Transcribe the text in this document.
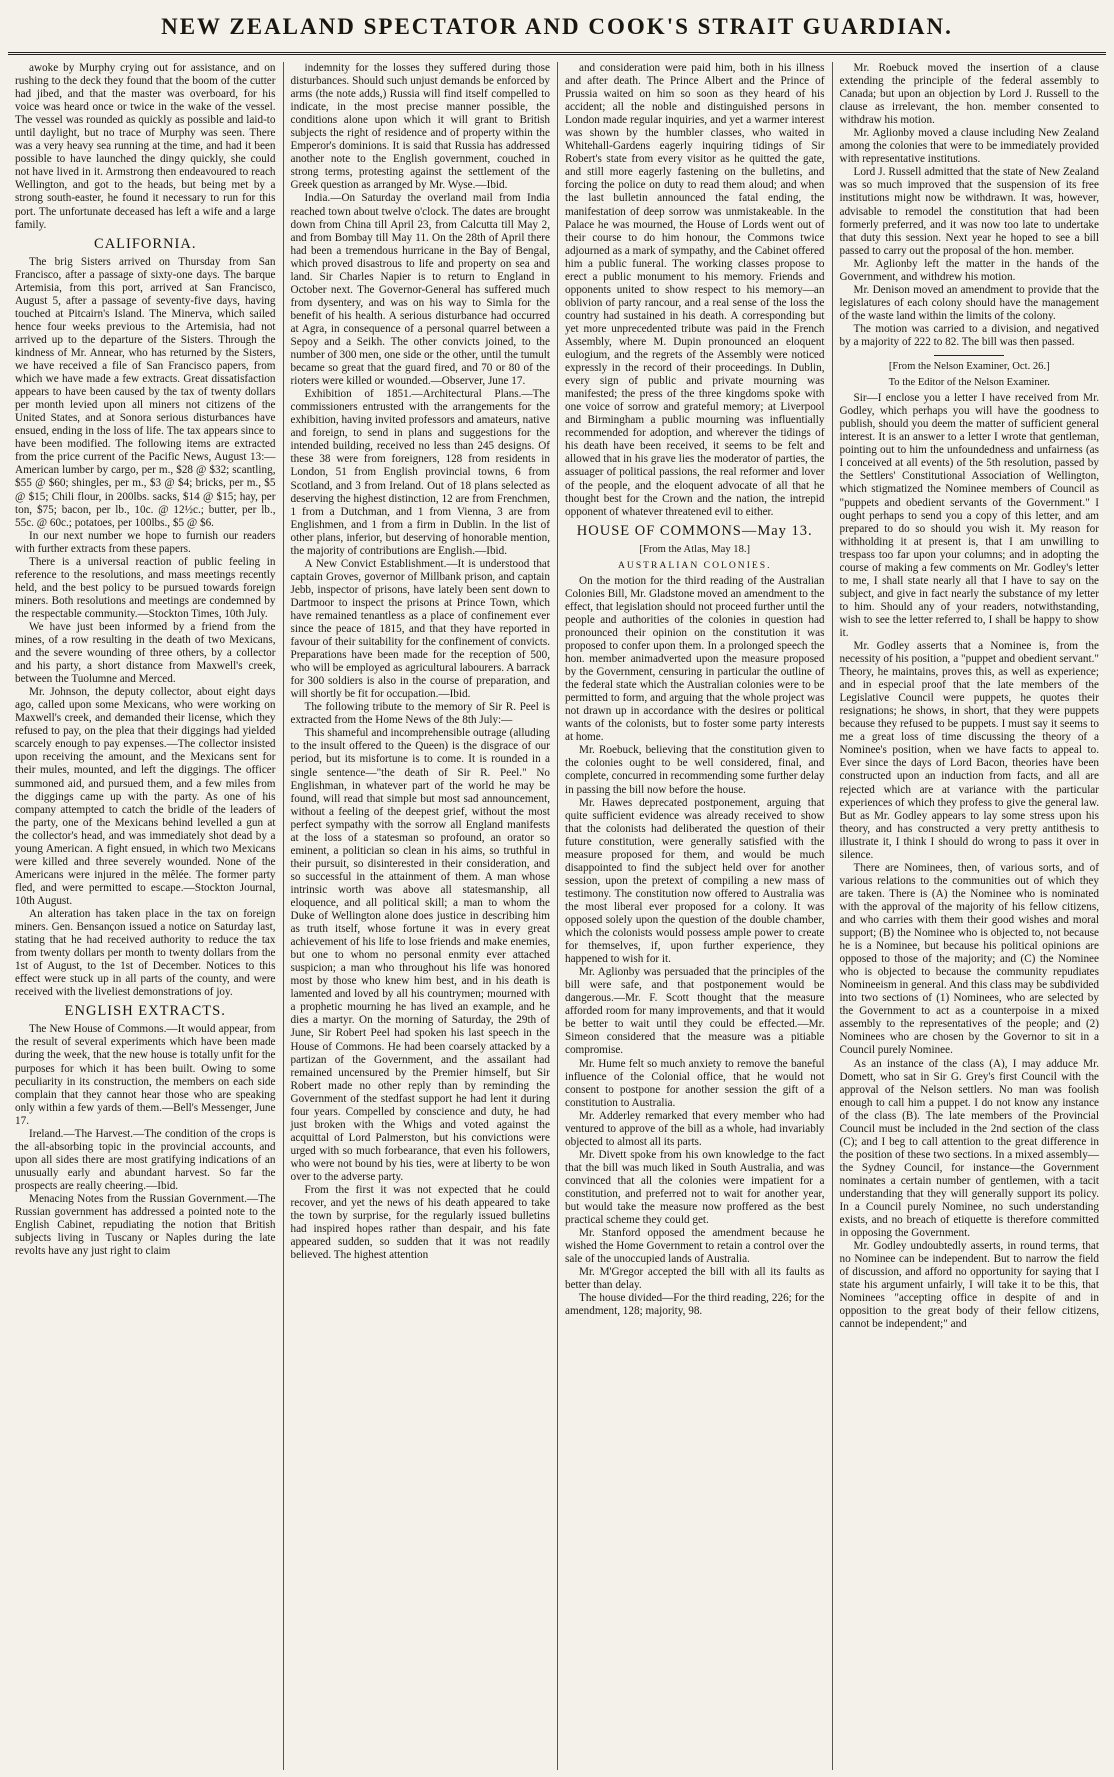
NEW ZEALAND SPECTATOR AND COOK'S STRAIT GUARDIAN.

awoke by Murphy crying out for assistance, and on rushing to the deck they found that the boom of the cutter had jibed, and that the master was overboard, for his voice was heard once or twice in the wake of the vessel. The vessel was rounded as quickly as possible and laid-to until daylight, but no trace of Murphy was seen. There was a very heavy sea running at the time, and had it been possible to have launched the dingy quickly, she could not have lived in it. Armstrong then endeavoured to reach Wellington, and got to the heads, but being met by a strong south-easter, he found it necessary to run for this port. The unfortunate deceased has left a wife and a large family.

CALIFORNIA.

The brig Sisters arrived on Thursday from San Francisco, after a passage of sixty-one days. The barque Artemisia, from this port, arrived at San Francisco, August 5, after a passage of seventy-five days, having touched at Pitcairn's Island. The Minerva, which sailed hence four weeks previous to the Artemisia, had not arrived up to the departure of the Sisters. Through the kindness of Mr. Annear, who has returned by the Sisters, we have received a file of San Francisco papers, from which we have made a few extracts. Great dissatisfaction appears to have been caused by the tax of twenty dollars per month levied upon all miners not citizens of the United States, and at Sonora serious disturbances have ensued, ending in the loss of life. The tax appears since to have been modified. The following items are extracted from the price current of the Pacific News, August 13:— American lumber by cargo, per m., $28 @ $32; scantling, $55 @ $60; shingles, per m., $3 @ $4; bricks, per m., $5 @ $15; Chili flour, in 200lbs. sacks, $14 @ $15; hay, per ton, $75; bacon, per lb., 10c. @ 12½c.; butter, per lb., 55c. @ 60c.; potatoes, per 100lbs., $5 @ $6.

In our next number we hope to furnish our readers with further extracts from these papers.

There is a universal reaction of public feeling in reference to the resolutions, and mass meetings recently held, and the best policy to be pursued towards foreign miners. Both resolutions and meetings are condemned by the respectable community.—Stockton Times, 10th July.

We have just been informed by a friend from the mines, of a row resulting in the death of two Mexicans, and the severe wounding of three others, by a collector and his party, a short distance from Maxwell's creek, between the Tuolumne and Merced.

Mr. Johnson, the deputy collector, about eight days ago, called upon some Mexicans, who were working on Maxwell's creek, and demanded their license, which they refused to pay, on the plea that their diggings had yielded scarcely enough to pay expenses.—The collector insisted upon receiving the amount, and the Mexicans sent for their mules, mounted, and left the diggings. The officer summoned aid, and pursued them, and a few miles from the diggings came up with the party. As one of his company attempted to catch the bridle of the leaders of the party, one of the Mexicans behind levelled a gun at the collector's head, and was immediately shot dead by a young American. A fight ensued, in which two Mexicans were killed and three severely wounded. None of the Americans were injured in the mêlée. The former party fled, and were permitted to escape.—Stockton Journal, 10th August.

An alteration has taken place in the tax on foreign miners. Gen. Bensançon issued a notice on Saturday last, stating that he had received authority to reduce the tax from twenty dollars per month to twenty dollars from the 1st of August, to the 1st of December. Notices to this effect were stuck up in all parts of the county, and were received with the liveliest demonstrations of joy.

ENGLISH EXTRACTS.

The New House of Commons.—It would appear, from the result of several experiments which have been made during the week, that the new house is totally unfit for the purposes for which it has been built. Owing to some peculiarity in its construction, the members on each side complain that they cannot hear those who are speaking only within a few yards of them.—Bell's Messenger, June 17.

Ireland.—The Harvest.—The condition of the crops is the all-absorbing topic in the provincial accounts, and upon all sides there are most gratifying indications of an unusually early and abundant harvest. So far the prospects are really cheering.—Ibid.

Menacing Notes from the Russian Government.—The Russian government has addressed a pointed note to the English Cabinet, repudiating the notion that British subjects living in Tuscany or Naples during the late revolts have any just right to claim

indemnity for the losses they suffered during those disturbances. Should such unjust demands be enforced by arms (the note adds,) Russia will find itself compelled to indicate, in the most precise manner possible, the conditions alone upon which it will grant to British subjects the right of residence and of property within the Emperor's dominions. It is said that Russia has addressed another note to the English government, couched in strong terms, protesting against the settlement of the Greek question as arranged by Mr. Wyse.—Ibid.

India.—On Saturday the overland mail from India reached town about twelve o'clock. The dates are brought down from China till April 23, from Calcutta till May 2, and from Bombay till May 11. On the 28th of April there had been a tremendous hurricane in the Bay of Bengal, which proved disastrous to life and property on sea and land. Sir Charles Napier is to return to England in October next. The Governor-General has suffered much from dysentery, and was on his way to Simla for the benefit of his health. A serious disturbance had occurred at Agra, in consequence of a personal quarrel between a Sepoy and a Seikh. The other convicts joined, to the number of 300 men, one side or the other, until the tumult became so great that the guard fired, and 70 or 80 of the rioters were killed or wounded.—Observer, June 17.

Exhibition of 1851.—Architectural Plans.—The commissioners entrusted with the arrangements for the exhibition, having invited professors and amateurs, native and foreign, to send in plans and suggestions for the intended building, received no less than 245 designs. Of these 38 were from foreigners, 128 from residents in London, 51 from English provincial towns, 6 from Scotland, and 3 from Ireland. Out of 18 plans selected as deserving the highest distinction, 12 are from Frenchmen, 1 from a Dutchman, and 1 from Vienna, 3 are from Englishmen, and 1 from a firm in Dublin. In the list of other plans, inferior, but deserving of honorable mention, the majority of contributions are English.—Ibid.

A New Convict Establishment.—It is understood that captain Groves, governor of Millbank prison, and captain Jebb, inspector of prisons, have lately been sent down to Dartmoor to inspect the prisons at Prince Town, which have remained tenantless as a place of confinement ever since the peace of 1815, and that they have reported in favour of their suitability for the confinement of convicts. Preparations have been made for the reception of 500, who will be employed as agricultural labourers. A barrack for 300 soldiers is also in the course of preparation, and will shortly be fit for occupation.—Ibid.

The following tribute to the memory of Sir R. Peel is extracted from the Home News of the 8th July:—

This shameful and incomprehensible outrage (alluding to the insult offered to the Queen) is the disgrace of our period, but its misfortune is to come. It is rounded in a single sentence—"the death of Sir R. Peel." No Englishman, in whatever part of the world he may be found, will read that simple but most sad announcement, without a feeling of the deepest grief, without the most perfect sympathy with the sorrow all England manifests at the loss of a statesman so profound, an orator so eminent, a politician so clean in his aims, so truthful in their pursuit, so disinterested in their consideration, and so successful in the attainment of them. A man whose intrinsic worth was above all statesmanship, all eloquence, and all political skill; a man to whom the Duke of Wellington alone does justice in describing him as truth itself, whose fortune it was in every great achievement of his life to lose friends and make enemies, but one to whom no personal enmity ever attached suspicion; a man who throughout his life was honored most by those who knew him best, and in his death is lamented and loved by all his countrymen; mourned with a prophetic mourning he has lived an example, and he dies a martyr. On the morning of Saturday, the 29th of June, Sir Robert Peel had spoken his last speech in the House of Commons. He had been coarsely attacked by a partizan of the Government, and the assailant had remained uncensured by the Premier himself, but Sir Robert made no other reply than by reminding the Government of the stedfast support he had lent it during four years. Compelled by conscience and duty, he had just broken with the Whigs and voted against the acquittal of Lord Palmerston, but his convictions were urged with so much forbearance, that even his followers, who were not bound by his ties, were at liberty to be won over to the adverse party.

From the first it was not expected that he could recover, and yet the news of his death appeared to take the town by surprise, for the regularly issued bulletins had inspired hopes rather than despair, and his fate appeared sudden, so sudden that it was not readily believed. The highest attention

and consideration were paid him, both in his illness and after death. The Prince Albert and the Prince of Prussia waited on him so soon as they heard of his accident; all the noble and distinguished persons in London made regular inquiries, and yet a warmer interest was shown by the humbler classes, who waited in Whitehall-Gardens eagerly inquiring tidings of Sir Robert's state from every visitor as he quitted the gate, and still more eagerly fastening on the bulletins, and forcing the police on duty to read them aloud; and when the last bulletin announced the fatal ending, the manifestation of deep sorrow was unmistakeable. In the Palace he was mourned, the House of Lords went out of their course to do him honour, the Commons twice adjourned as a mark of sympathy, and the Cabinet offered him a public funeral. The working classes propose to erect a public monument to his memory. Friends and opponents united to show respect to his memory—an oblivion of party rancour, and a real sense of the loss the country had sustained in his death. A corresponding but yet more unprecedented tribute was paid in the French Assembly, where M. Dupin pronounced an eloquent eulogium, and the regrets of the Assembly were noticed expressly in the record of their proceedings. In Dublin, every sign of public and private mourning was manifested; the press of the three kingdoms spoke with one voice of sorrow and grateful memory; at Liverpool and Birmingham a public mourning was influentially recommended for adoption, and wherever the tidings of his death have been received, it seems to be felt and allowed that in his grave lies the moderator of parties, the assuager of political passions, the real reformer and lover of the people, and the eloquent advocate of all that he thought best for the Crown and the nation, the intrepid opponent of whatever threatened evil to either.

HOUSE OF COMMONS—May 13.

[From the Atlas, May 18.]

AUSTRALIAN COLONIES.

On the motion for the third reading of the Australian Colonies Bill, Mr. Gladstone moved an amendment to the effect, that legislation should not proceed further until the people and authorities of the colonies in question had pronounced their opinion on the constitution it was proposed to confer upon them. In a prolonged speech the hon. member animadverted upon the measure proposed by the Government, censuring in particular the outline of the federal state which the Australian colonies were to be permitted to form, and arguing that the whole project was not drawn up in accordance with the desires or political wants of the colonists, but to foster some party interests at home.

Mr. Roebuck, believing that the constitution given to the colonies ought to be well considered, final, and complete, concurred in recommending some further delay in passing the bill now before the house.

Mr. Hawes deprecated postponement, arguing that quite sufficient evidence was already received to show that the colonists had deliberated the question of their future constitution, were generally satisfied with the measure proposed for them, and would be much disappointed to find the subject held over for another session, upon the pretext of compiling a new mass of testimony. The constitution now offered to Australia was the most liberal ever proposed for a colony. It was opposed solely upon the question of the double chamber, which the colonists would possess ample power to create for themselves, if, upon further experience, they happened to wish for it.

Mr. Aglionby was persuaded that the principles of the bill were safe, and that postponement would be dangerous.—Mr. F. Scott thought that the measure afforded room for many improvements, and that it would be better to wait until they could be effected.—Mr. Simeon considered that the measure was a pitiable compromise.

Mr. Hume felt so much anxiety to remove the baneful influence of the Colonial office, that he would not consent to postpone for another session the gift of a constitution to Australia.

Mr. Adderley remarked that every member who had ventured to approve of the bill as a whole, had invariably objected to almost all its parts.

Mr. Divett spoke from his own knowledge to the fact that the bill was much liked in South Australia, and was convinced that all the colonies were impatient for a constitution, and preferred not to wait for another year, but would take the measure now proffered as the best practical scheme they could get.

Mr. Stanford opposed the amendment because he wished the Home Government to retain a control over the sale of the unoccupied lands of Australia.

Mr. M'Gregor accepted the bill with all its faults as better than delay.

The house divided—For the third reading, 226; for the amendment, 128; majority, 98.

Mr. Roebuck moved the insertion of a clause extending the principle of the federal assembly to Canada; but upon an objection by Lord J. Russell to the clause as irrelevant, the hon. member consented to withdraw his motion.

Mr. Aglionby moved a clause including New Zealand among the colonies that were to be immediately provided with representative institutions.

Lord J. Russell admitted that the state of New Zealand was so much improved that the suspension of its free institutions might now be withdrawn. It was, however, advisable to remodel the constitution that had been formerly preferred, and it was now too late to undertake that duty this session. Next year he hoped to see a bill passed to carry out the proposal of the hon. member.

Mr. Aglionby left the matter in the hands of the Government, and withdrew his motion.

Mr. Denison moved an amendment to provide that the legislatures of each colony should have the management of the waste land within the limits of the colony.

The motion was carried to a division, and negatived by a majority of 222 to 82. The bill was then passed.

[From the Nelson Examiner, Oct. 26.]

To the Editor of the Nelson Examiner.

Sir—I enclose you a letter I have received from Mr. Godley, which perhaps you will have the goodness to publish, should you deem the matter of sufficient general interest. It is an answer to a letter I wrote that gentleman, pointing out to him the unfoundedness and unfairness (as I conceived at all events) of the 5th resolution, passed by the Settlers' Constitutional Association of Wellington, which stigmatized the Nominee members of Council as "puppets and obedient servants of the Government." I ought perhaps to send you a copy of this letter, and am prepared to do so should you wish it. My reason for withholding it at present is, that I am unwilling to trespass too far upon your columns; and in adopting the course of making a few comments on Mr. Godley's letter to me, I shall state nearly all that I have to say on the subject, and give in fact nearly the substance of my letter to him. Should any of your readers, notwithstanding, wish to see the letter referred to, I shall be happy to show it.

Mr. Godley asserts that a Nominee is, from the necessity of his position, a "puppet and obedient servant." Theory, he maintains, proves this, as well as experience; and in especial proof that the late members of the Legislative Council were puppets, he quotes their resignations; he shows, in short, that they were puppets because they refused to be puppets. I must say it seems to me a great loss of time discussing the theory of a Nominee's position, when we have facts to appeal to. Ever since the days of Lord Bacon, theories have been constructed upon an induction from facts, and all are rejected which are at variance with the particular experiences of which they profess to give the general law. But as Mr. Godley appears to lay some stress upon his theory, and has constructed a very pretty antithesis to illustrate it, I think I should do wrong to pass it over in silence.

There are Nominees, then, of various sorts, and of various relations to the communities out of which they are taken. There is (A) the Nominee who is nominated with the approval of the majority of his fellow citizens, and who carries with them their good wishes and moral support; (B) the Nominee who is objected to, not because he is a Nominee, but because his political opinions are opposed to those of the majority; and (C) the Nominee who is objected to because the community repudiates Nomineeism in general. And this class may be subdivided into two sections of (1) Nominees, who are selected by the Government to act as a counterpoise in a mixed assembly to the representatives of the people; and (2) Nominees who are chosen by the Governor to sit in a Council purely Nominee.

As an instance of the class (A), I may adduce Mr. Domett, who sat in Sir G. Grey's first Council with the approval of the Nelson settlers. No man was foolish enough to call him a puppet. I do not know any instance of the class (B). The late members of the Provincial Council must be included in the 2nd section of the class (C); and I beg to call attention to the great difference in the position of these two sections. In a mixed assembly—the Sydney Council, for instance—the Government nominates a certain number of gentlemen, with a tacit understanding that they will generally support its policy. In a Council purely Nominee, no such understanding exists, and no breach of etiquette is therefore committed in opposing the Government.

Mr. Godley undoubtedly asserts, in round terms, that no Nominee can be independent. But to narrow the field of discussion, and afford no opportunity for saying that I state his argument unfairly, I will take it to be this, that Nominees "accepting office in despite of and in opposition to the great body of their fellow citizens, cannot be independent;" and
